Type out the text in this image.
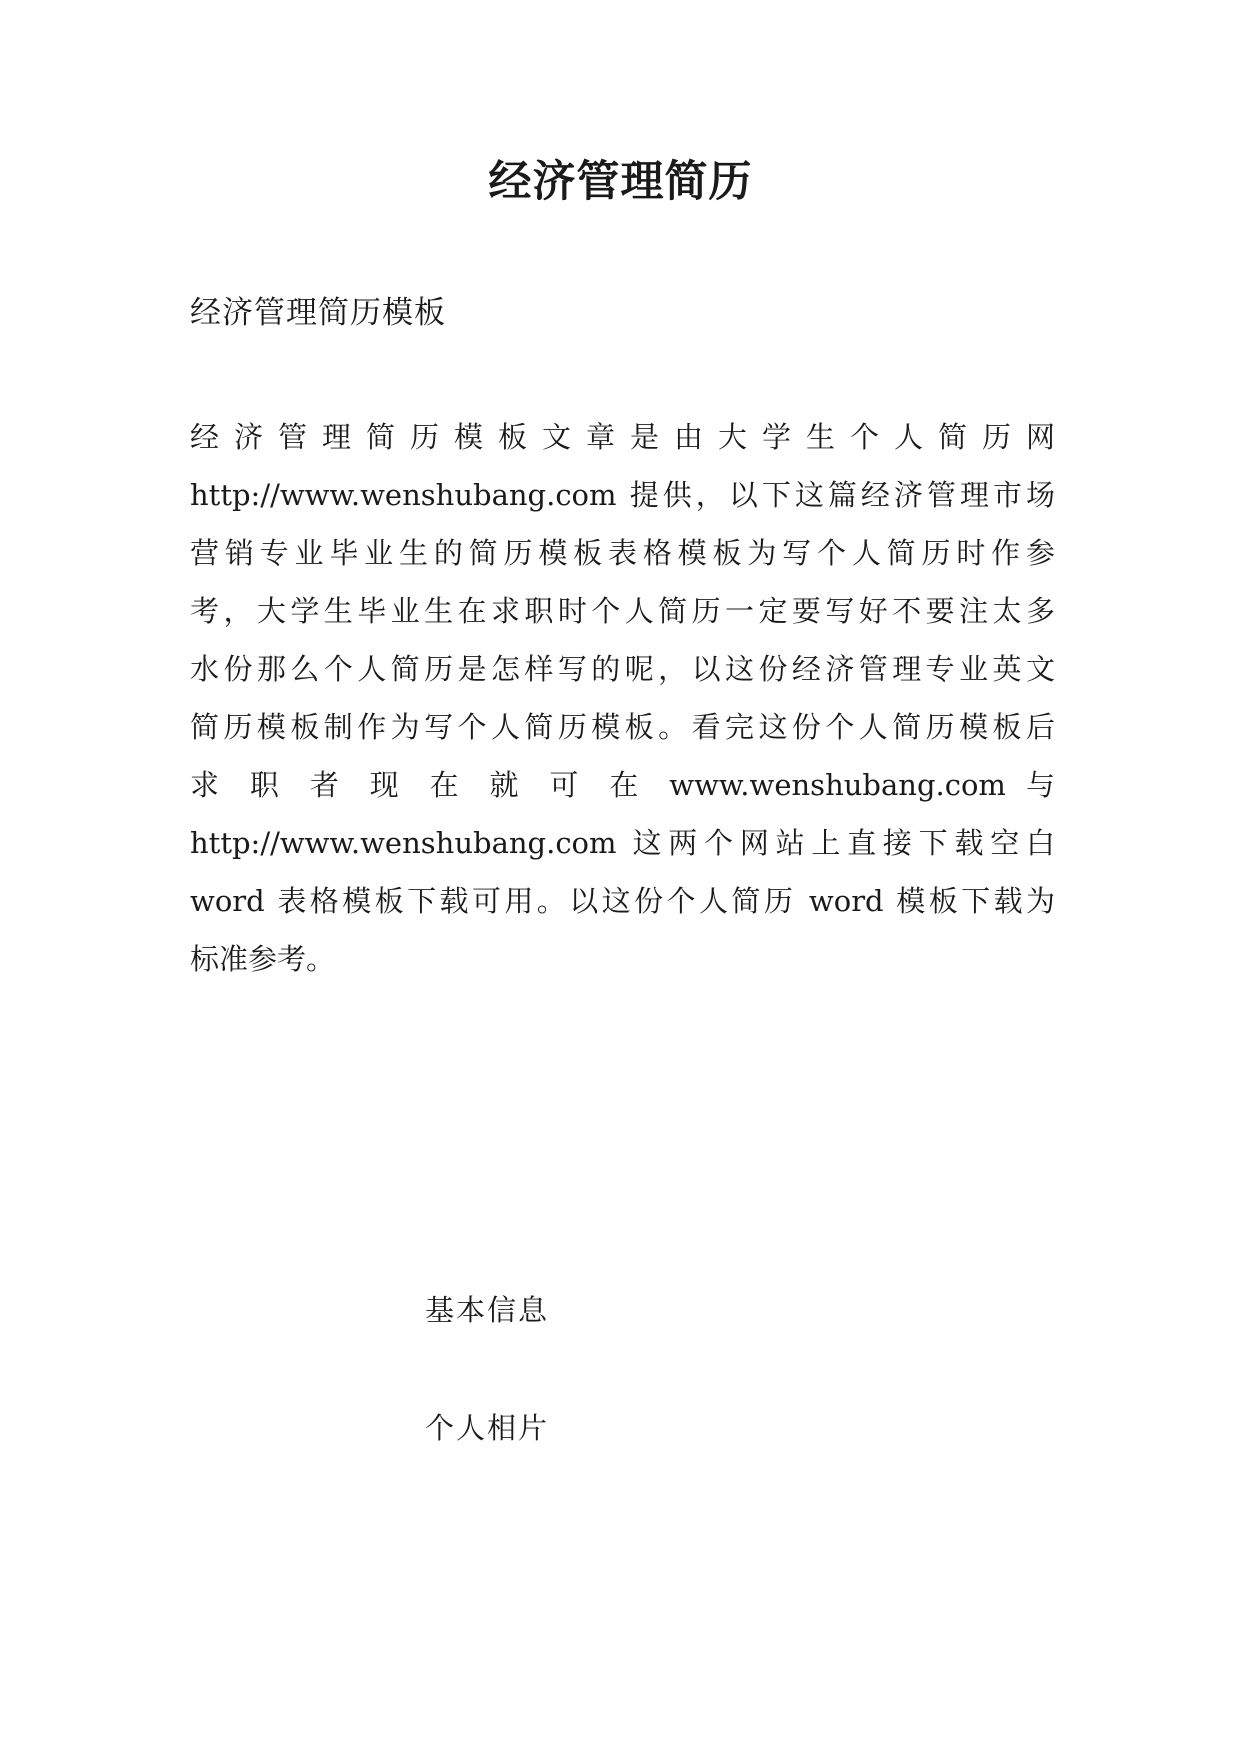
经济管理简历
经济管理简历模板
经 济 管 理 简 历 模 板 文 章 是 由 大 学 生 个 人 简 历 网
http://www.wenshubang.com 提供，以下这篇经济管理市场
营销专业毕业生的简历模板表格模板为写个人简历时作参
考，大学生毕业生在求职时个人简历一定要写好不要注太多
水份那么个人简历是怎样写的呢，以这份经济管理专业英文
简历模板制作为写个人简历模板。看完这份个人简历模板后
求 职 者 现 在 就 可 在 www.wenshubang.com 与
http://www.wenshubang.com 这两个网站上直接下载空白
word 表格模板下载可用。以这份个人简历 word 模板下载为
标准参考。
基本信息
个人相片
